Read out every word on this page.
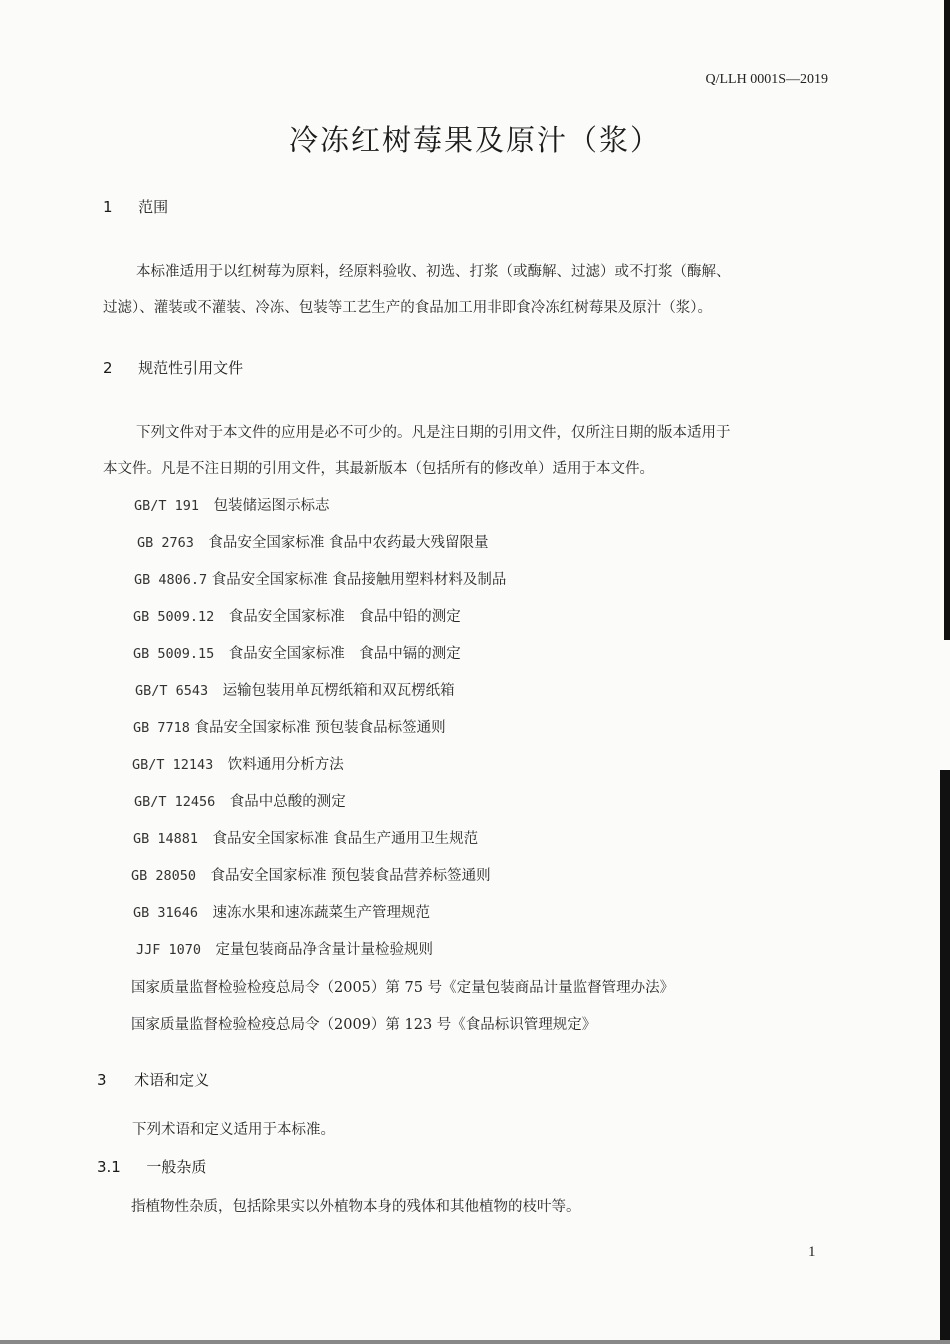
Q/LLH 0001S—2019
冷冻红树莓果及原汁（浆）
1 范围
本标准适用于以红树莓为原料，经原料验收、初选、打浆（或酶解、过滤）或不打浆（酶解、
过滤）、灌装或不灌装、冷冻、包装等工艺生产的食品加工用非即食冷冻红树莓果及原汁（浆）。
2 规范性引用文件
下列文件对于本文件的应用是必不可少的。凡是注日期的引用文件，仅所注日期的版本适用于
本文件。凡是不注日期的引用文件，其最新版本（包括所有的修改单）适用于本文件。
GB/T 191　 包装储运图示标志
GB 2763　 食品安全国家标准 食品中农药最大残留限量
GB 4806.7 食品安全国家标准 食品接触用塑料材料及制品
GB 5009.12　 食品安全国家标准　食品中铅的测定
GB 5009.15　 食品安全国家标准　食品中镉的测定
GB/T 6543　 运输包装用单瓦楞纸箱和双瓦楞纸箱
GB 7718 食品安全国家标准 预包装食品标签通则
GB/T 12143　 饮料通用分析方法
GB/T 12456　 食品中总酸的测定
GB 14881　 食品安全国家标准 食品生产通用卫生规范
GB 28050　 食品安全国家标准 预包装食品营养标签通则
GB 31646　 速冻水果和速冻蔬菜生产管理规范
JJF 1070　 定量包装商品净含量计量检验规则
国家质量监督检验检疫总局令（2005）第 75 号《定量包装商品计量监督管理办法》
国家质量监督检验检疫总局令（2009）第 123 号《食品标识管理规定》
3 术语和定义
下列术语和定义适用于本标准。
3.1 一般杂质
指植物性杂质，包括除果实以外植物本身的残体和其他植物的枝叶等。
1
